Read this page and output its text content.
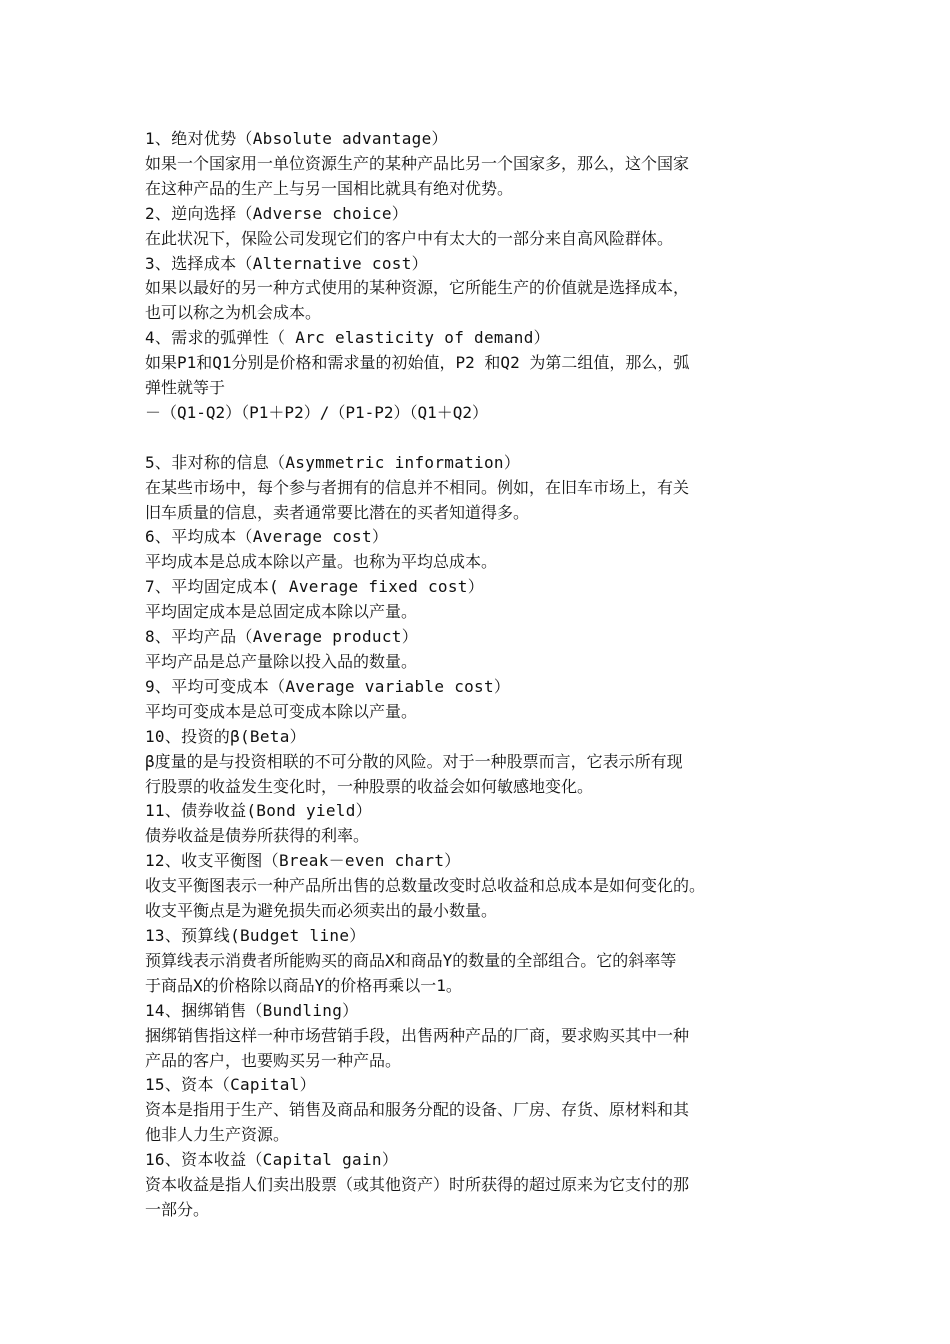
1、绝对优势（Absolute advantage）
如果一个国家用一单位资源生产的某种产品比另一个国家多，那么，这个国家
在这种产品的生产上与另一国相比就具有绝对优势。
2、逆向选择（Adverse choice）
在此状况下，保险公司发现它们的客户中有太大的一部分来自高风险群体。
3、选择成本（Alternative cost）
如果以最好的另一种方式使用的某种资源，它所能生产的价值就是选择成本，
也可以称之为机会成本。
4、需求的弧弹性（ Arc elasticity of demand）
如果P1和Q1分别是价格和需求量的初始值，P2 和Q2 为第二组值，那么，弧
弹性就等于
－（Q1-Q2）（P1＋P2）/（P1-P2）（Q1＋Q2）
5、非对称的信息（Asymmetric information）
在某些市场中，每个参与者拥有的信息并不相同。例如，在旧车市场上，有关
旧车质量的信息，卖者通常要比潜在的买者知道得多。
6、平均成本（Average cost）
平均成本是总成本除以产量。也称为平均总成本。
7、平均固定成本( Average fixed cost）
平均固定成本是总固定成本除以产量。
8、平均产品（Average product）
平均产品是总产量除以投入品的数量。
9、平均可变成本（Average variable cost）
平均可变成本是总可变成本除以产量。
10、投资的β(Beta）
β度量的是与投资相联的不可分散的风险。对于一种股票而言，它表示所有现
行股票的收益发生变化时，一种股票的收益会如何敏感地变化。
11、债券收益(Bond yield）
债券收益是债券所获得的利率。
12、收支平衡图（Break－even chart）
收支平衡图表示一种产品所出售的总数量改变时总收益和总成本是如何变化的。
收支平衡点是为避免损失而必须卖出的最小数量。
13、预算线(Budget line）
预算线表示消费者所能购买的商品X和商品Y的数量的全部组合。它的斜率等
于商品X的价格除以商品Y的价格再乘以一1。
14、捆绑销售（Bundling）
捆绑销售指这样一种市场营销手段，出售两种产品的厂商，要求购买其中一种
产品的客户，也要购买另一种产品。
15、资本（Capital）
资本是指用于生产、销售及商品和服务分配的设备、厂房、存货、原材料和其
他非人力生产资源。
16、资本收益（Capital gain）
资本收益是指人们卖出股票（或其他资产）时所获得的超过原来为它支付的那
一部分。
